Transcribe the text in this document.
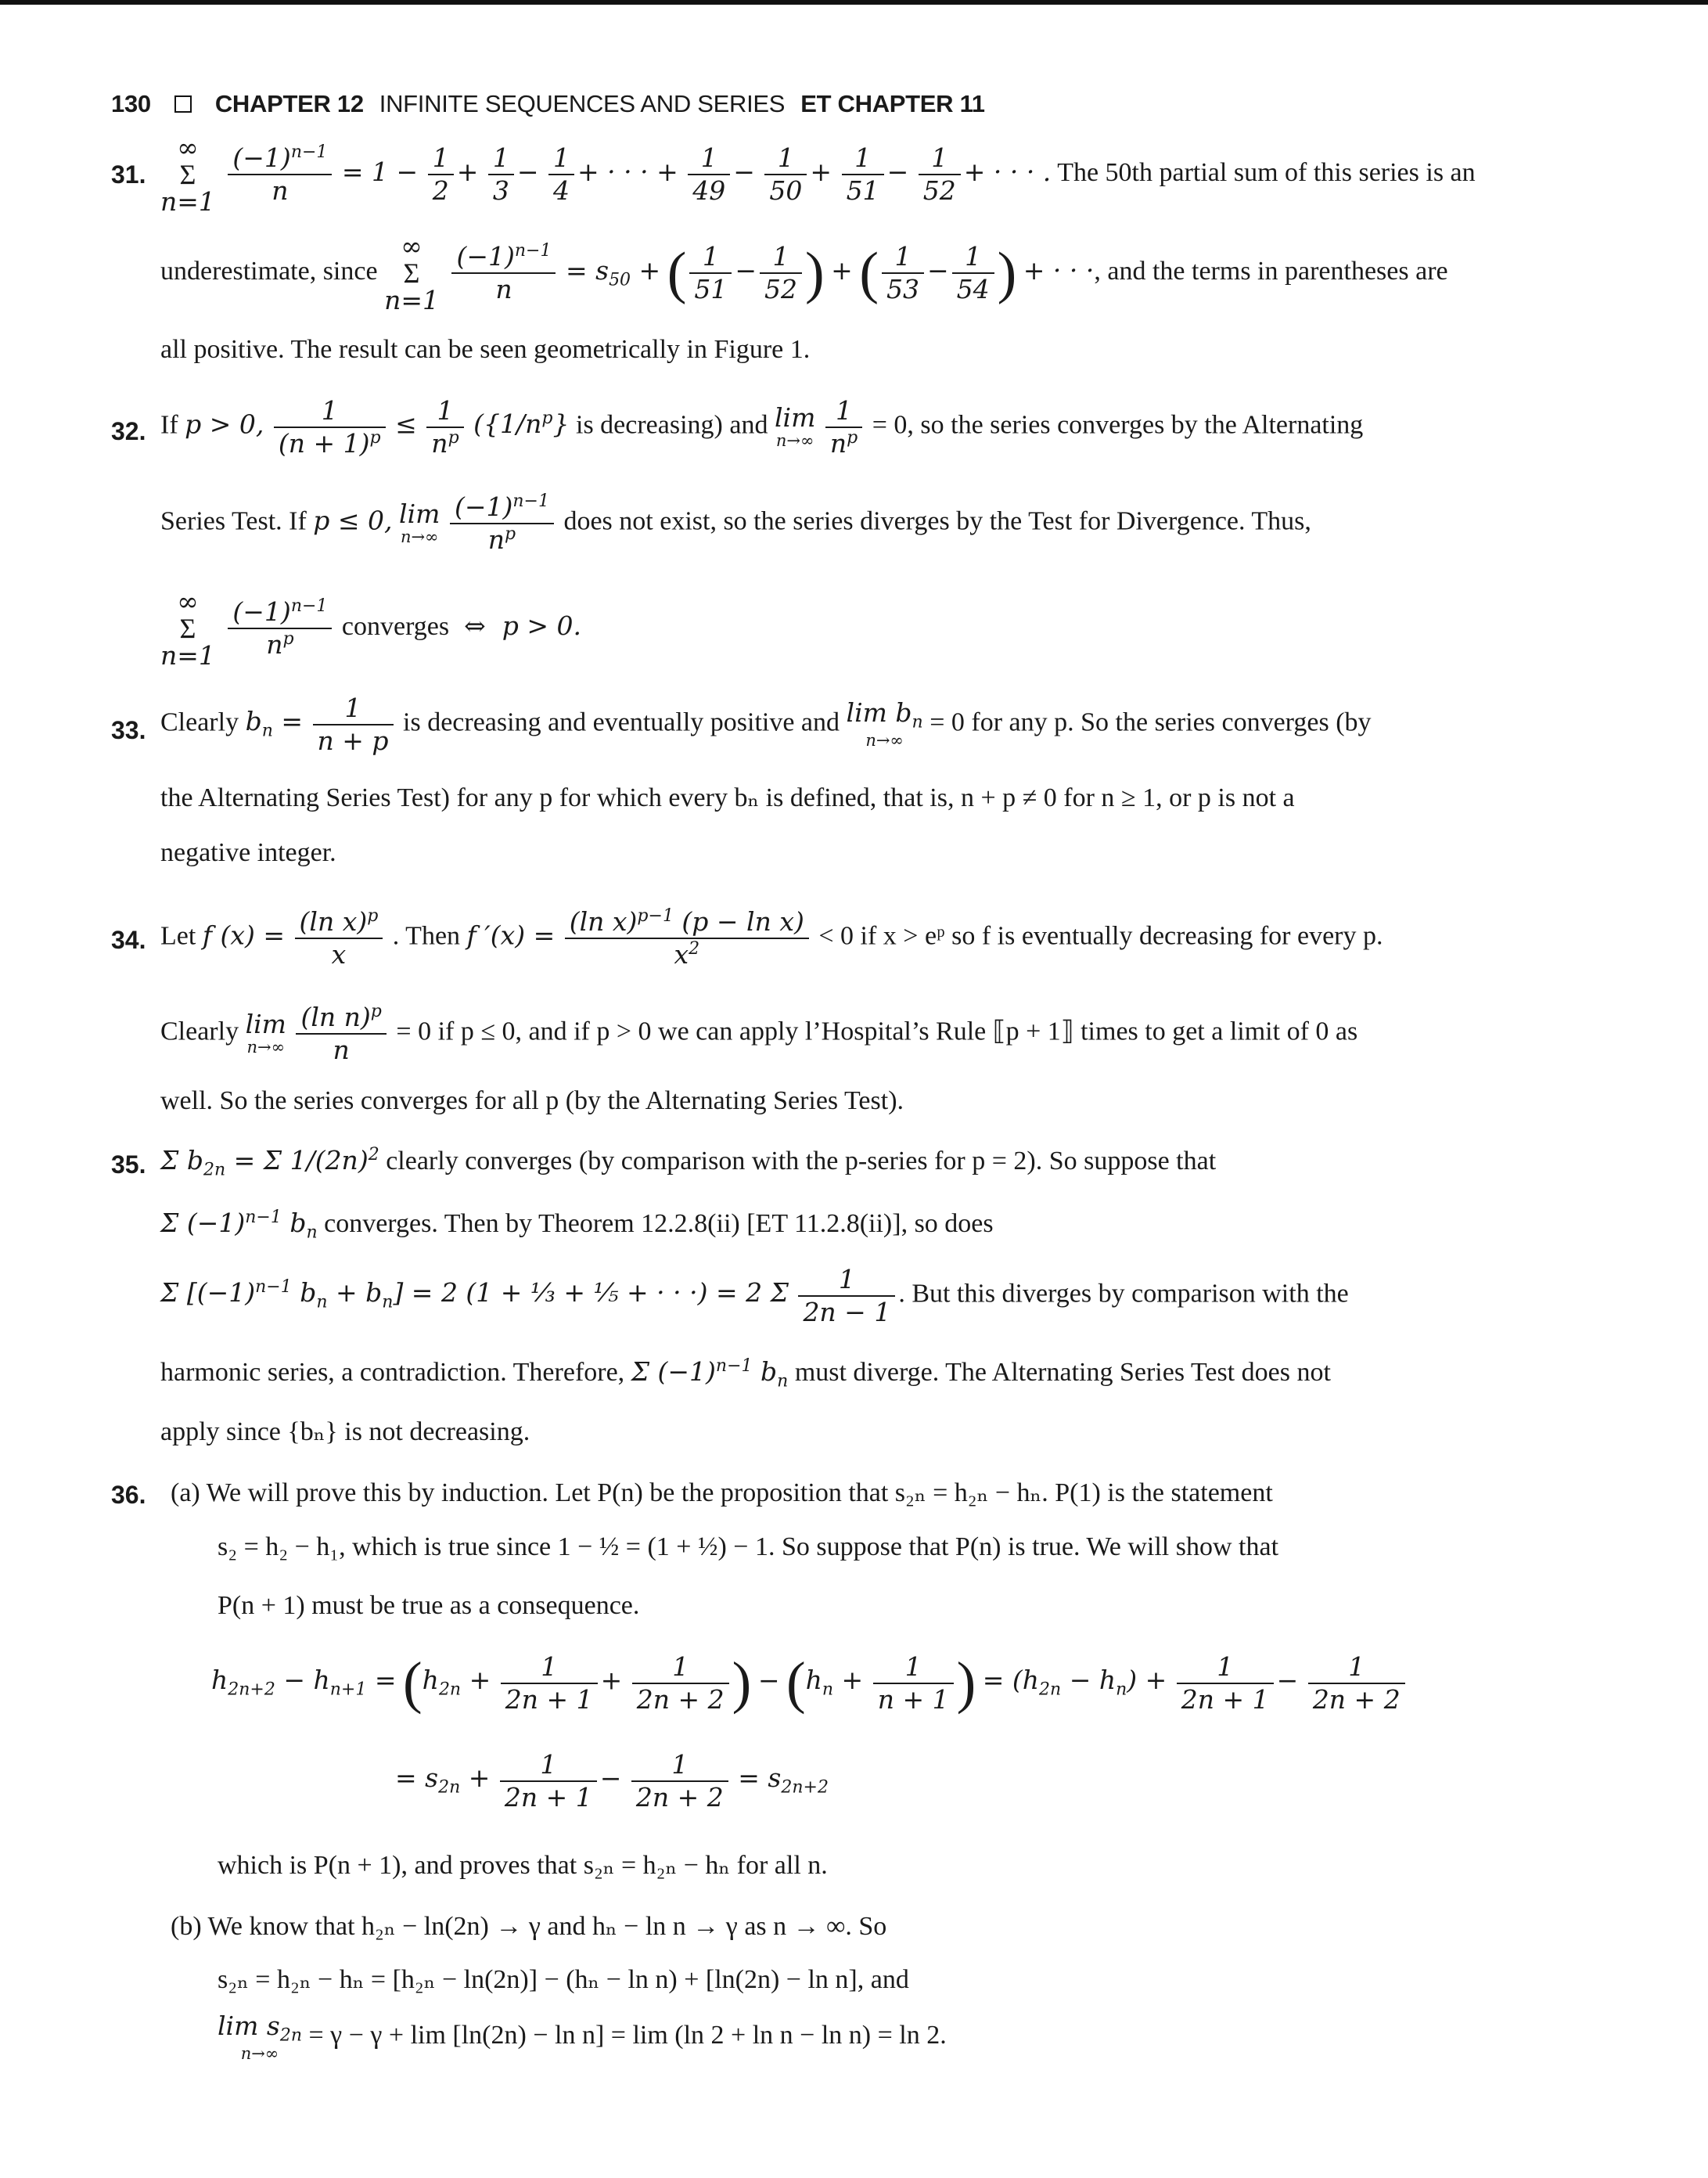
130	CHAPTER 12 INFINITE SEQUENCES AND SERIES ET CHAPTER 11
31.
∞
Σ
$n=1 \frac{(-1)^{n-1}}{n} = 1 - \frac{1}{2} + \frac{1}{3} - \frac{1}{4}$ + · · · + $\frac{1}{49} - \frac{1}{50} + \frac{1}{51} - \frac{1}{52}$ + · · · . The 50th partial sum of this series is an
underestimate, since ∞
Σ
$n=1 \frac{(-1)^{n-1}}{n} = s_{50}$ + ( $\frac{1}{51} - \frac{1}{52}$ ) + ( $\frac{1}{53} - \frac{1}{54}$ ) + · · ·, and the terms in parentheses are
all positive. The result can be seen geometrically in Figure 1.
32. If p > 0, $\frac{1}{(n + 1)^p} \le \frac{1}{n^p} (\{1/n^p\}$ is decreasing) and lim
n→∞
$\frac{1}{n^p} = 0$, so the series converges by the Alternating
Series Test. If p ≤ 0, lim
n→∞
$\frac{(-1)^{n-1}}{n^p}$ does not exist, so the series diverges by the Test for Divergence. Thus,
∞
Σ
$n=1 \frac{(-1)^{n-1}}{n^p}$ converges  ⇔  p > 0.
33. Clearly $b_n = \frac{1}{n + p}$ is decreasing and eventually positive and $\lim b_n$
n→∞
= 0 for any p. So the series converges (by
the Alternating Series Test) for any p for which every bₙ is defined, that is, n + p ≠ 0 for n ≥ 1, or p is not a
negative integer.
34. Let f $(x) = \frac{(\ln x)^p}{x}$ . Then f $'(x) = \frac{(\ln x)^{p-1} (p - \ln x)}{x^2} < 0$ if x > eᵖ so f is eventually decreasing for every p.
Clearly lim
n→∞
$\frac{(\ln n)^p}{n} = 0$ if p ≤ 0, and if p > 0 we can apply l’Hospital’s Rule ⟦p + 1⟧ times to get a limit of 0 as
well. So the series converges for all p (by the Alternating Series Test).
35. Σ $b_{2n} = \Sigma$ $1/(2n)^2$ clearly converges (by comparison with the p-series for p = 2). So suppose that
Σ $(-1)^{n-1}$ $b_n$ converges. Then by Theorem 12.2.8(ii) [ET 11.2.8(ii)], so does
Σ [$(-1)^{n-1}$ $b_n + b_n] = 2$ (1 + ⅓ + ⅕ + · · ·) = 2 Σ $\frac{1}{2n - 1}$ . But this diverges by comparison with the
harmonic series, a contradiction. Therefore, Σ $(-1)^{n-1}$ $b_n$ must diverge. The Alternating Series Test does not
apply since {bₙ} is not decreasing.
36. (a) We will prove this by induction. Let P(n) be the proposition that s₂ₙ = h₂ₙ − hₙ. P(1) is the statement
s₂ = h₂ − h₁, which is true since 1 − ½ = (1 + ½) − 1. So suppose that P(n) is true. We will show that
P(n + 1) must be true as a consequence.
$h_{2n+2} - h_{n+1} = (h_{2n} + \frac{1}{2n + 1} + \frac{1}{2n + 2}$ ) − ($h_n + \frac{1}{n + 1}$ ) = $(h_{2n} - h_n) + \frac{1}{2n + 1} - \frac{1}{2n + 2}$
= $s_{2n} + \frac{1}{2n + 1} - \frac{1}{2n + 2} = s_{2n+2}$
which is P(n + 1), and proves that s₂ₙ = h₂ₙ − hₙ for all n.
(b) We know that h₂ₙ − ln(2n) → γ and hₙ − ln n → γ as n → ∞. So
s₂ₙ = h₂ₙ − hₙ = [h₂ₙ − ln(2n)] − (hₙ − ln n) + [ln(2n) − ln n], and
$\lim s_{2n}$
n→∞
= γ − γ + lim [ln(2n) − ln n] = lim (ln 2 + ln n − ln n) = ln 2.
